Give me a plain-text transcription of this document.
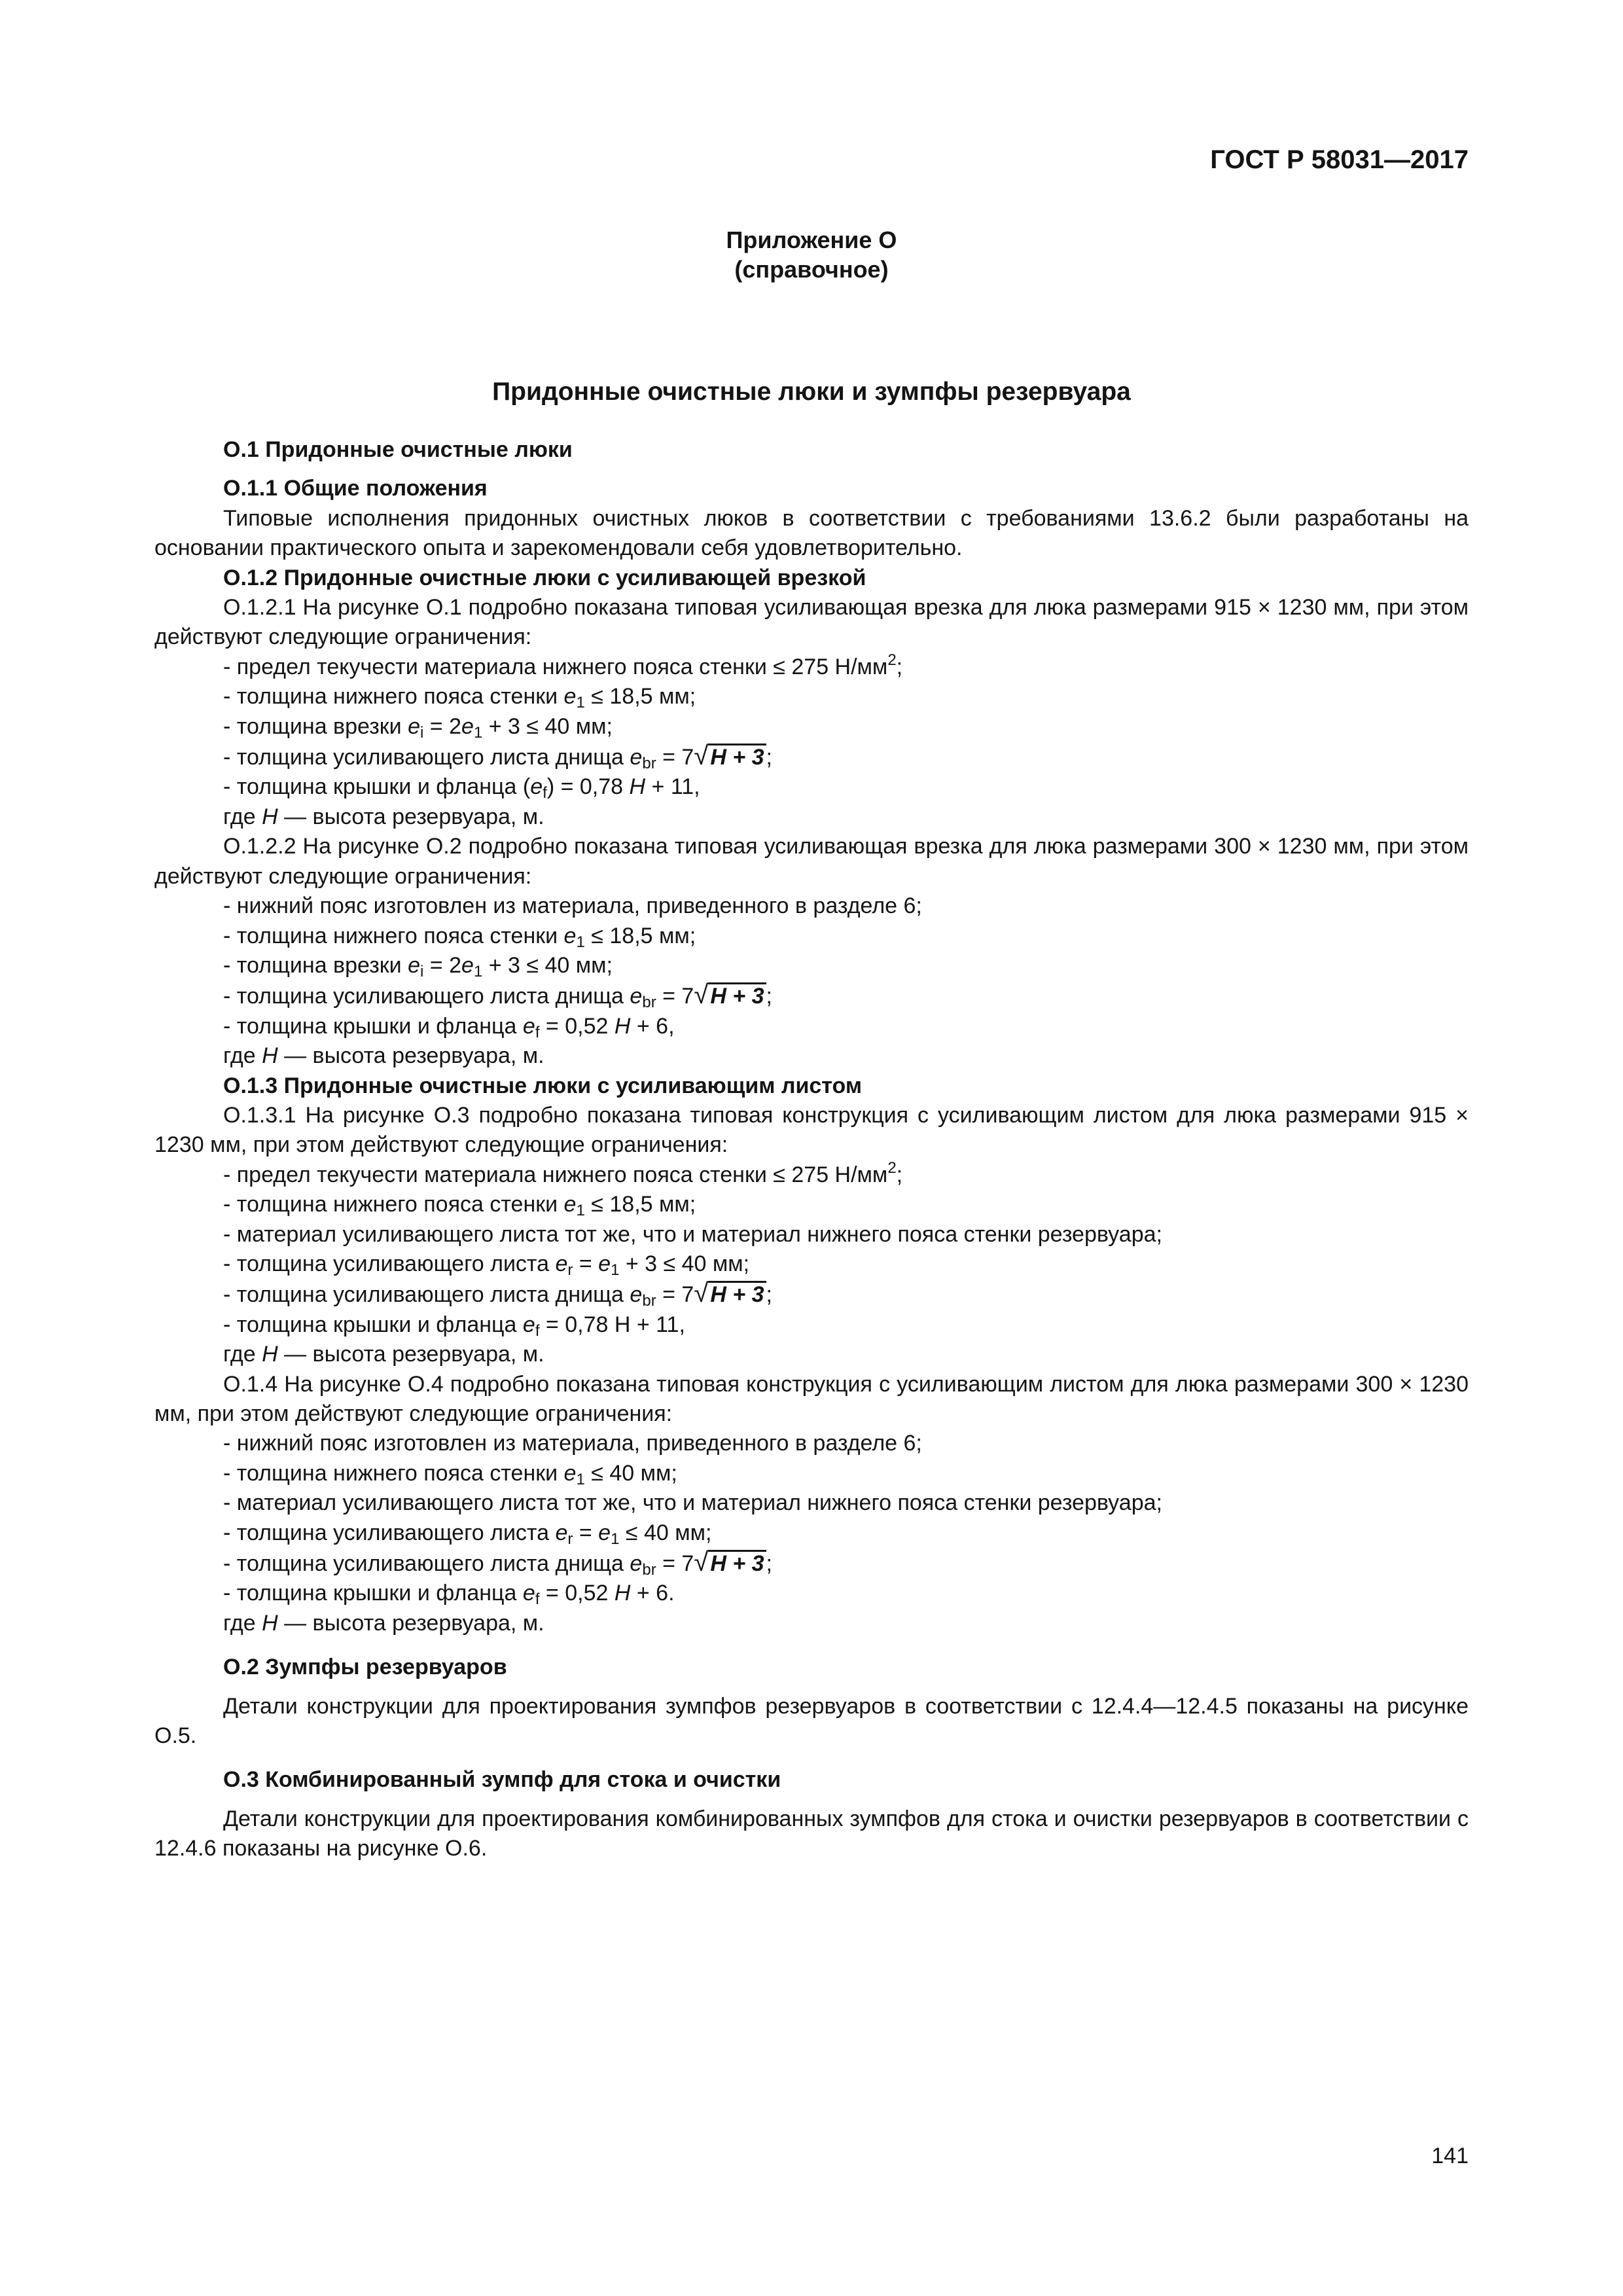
ГОСТ Р 58031—2017
Приложение О
(справочное)
Придонные очистные люки и зумпфы резервуара

О.1 Придонные очистные люки

О.1.1 Общие положения

Типовые исполнения придонных очистных люков в соответствии с требованиями 13.6.2 были разработаны на основании практического опыта и зарекомендовали себя удовлетворительно.

О.1.2 Придонные очистные люки с усиливающей врезкой

О.1.2.1 На рисунке О.1 подробно показана типовая усиливающая врезка для люка размерами 915 × 1230 мм, при этом действуют следующие ограничения:

- предел текучести материала нижнего пояса стенки ≤ 275 $Н/мм^2$;

- толщина нижнего пояса стенки $e_1 \le 18,5$ мм;

- толщина врезки $e_i = 2e_1 + 3 \le 40$ мм;

- толщина усиливающего листа днища $e_{br} = 7√H + 3$;

- толщина крышки и фланца $(e_f) = 0,78$ H + 11,

где H — высота резервуара, м.

О.1.2.2 На рисунке О.2 подробно показана типовая усиливающая врезка для люка размерами 300 × 1230 мм, при этом действуют следующие ограничения:

- нижний пояс изготовлен из материала, приведенного в разделе 6;

- толщина нижнего пояса стенки $e_1 \le 18,5$ мм;

- толщина врезки $e_i = 2e_1 + 3 \le 40$ мм;

- толщина усиливающего листа днища $e_{br} = 7√H + 3$;

- толщина крышки и фланца $e_f = 0,52$ H + 6,

где H — высота резервуара, м.

О.1.3 Придонные очистные люки с усиливающим листом

О.1.3.1 На рисунке О.3 подробно показана типовая конструкция с усиливающим листом для люка размерами 915 × 1230 мм, при этом действуют следующие ограничения:

- предел текучести материала нижнего пояса стенки ≤ 275 $Н/мм^2$;

- толщина нижнего пояса стенки $e_1 \le 18,5$ мм;

- материал усиливающего листа тот же, что и материал нижнего пояса стенки резервуара;

- толщина усиливающего листа $e_r = e_1 + 3 \le 40$ мм;

- толщина усиливающего листа днища $e_{br} = 7√H + 3$;

- толщина крышки и фланца $e_f = 0,78$ H + 11,

где H — высота резервуара, м.

О.1.4 На рисунке О.4 подробно показана типовая конструкция с усиливающим листом для люка размерами 300 × 1230 мм, при этом действуют следующие ограничения:

- нижний пояс изготовлен из материала, приведенного в разделе 6;

- толщина нижнего пояса стенки $e_1 \le 40$ мм;

- материал усиливающего листа тот же, что и материал нижнего пояса стенки резервуара;

- толщина усиливающего листа $e_r = e_1 \le 40$ мм;

- толщина усиливающего листа днища $e_{br} = 7√H + 3$;

- толщина крышки и фланца $e_f = 0,52$ H + 6.

где H — высота резервуара, м.

О.2 Зумпфы резервуаров

Детали конструкции для проектирования зумпфов резервуаров в соответствии с 12.4.4—12.4.5 показаны на рисунке О.5.

О.3 Комбинированный зумпф для стока и очистки

Детали конструкции для проектирования комбинированных зумпфов для стока и очистки резервуаров в соответствии с 12.4.6 показаны на рисунке О.6.

141
